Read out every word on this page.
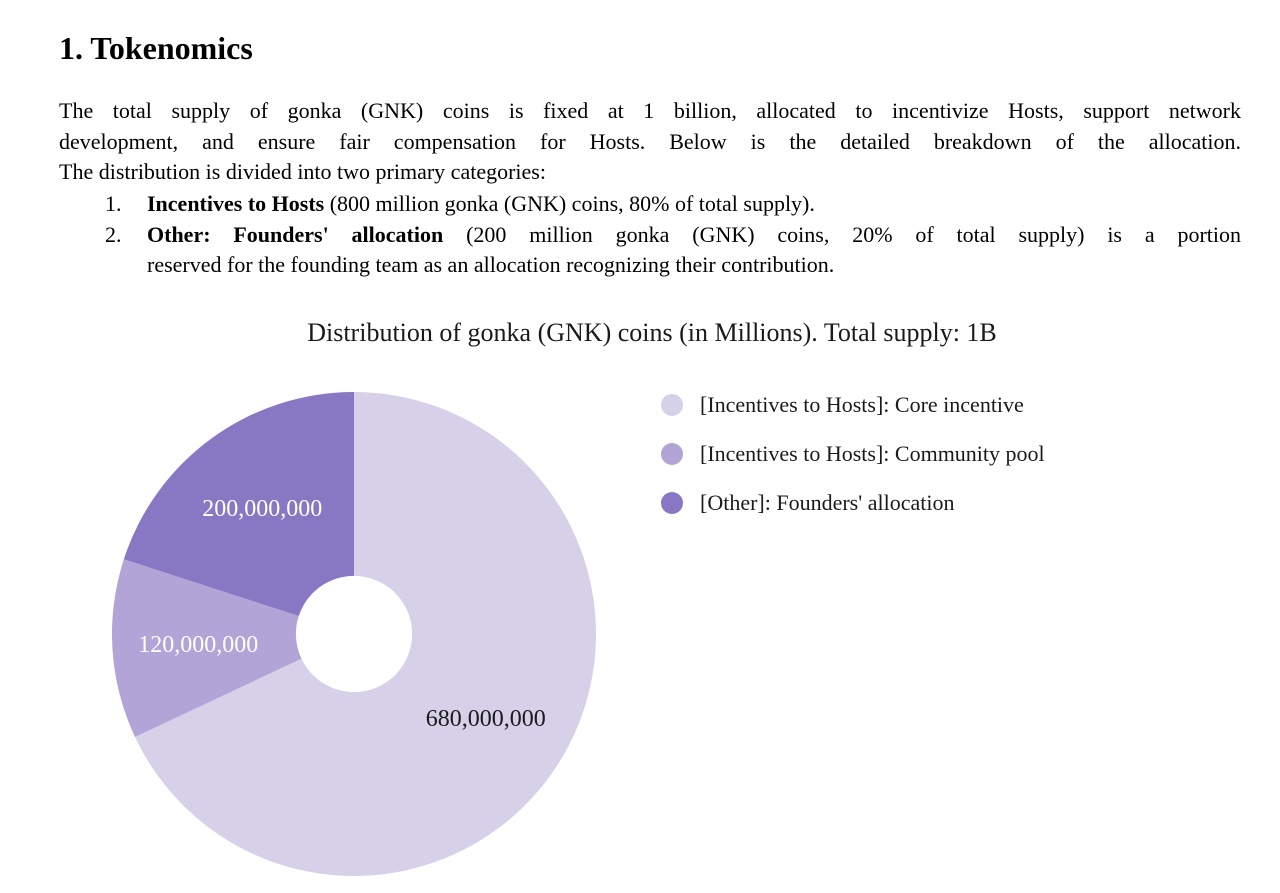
1. Tokenomics
The total supply of gonka (GNK) coins is fixed at 1 billion, allocated to incentivize Hosts, support network
development, and ensure fair compensation for Hosts. Below is the detailed breakdown of the allocation.
The distribution is divided into two primary categories:
1. Incentives to Hosts (800 million gonka (GNK) coins, 80% of total supply).
2. Other: Founders' allocation (200 million gonka (GNK) coins, 20% of total supply) is a portion
reserved for the founding team as an allocation recognizing their contribution.
Distribution of gonka (GNK) coins (in Millions). Total supply: 1B
680,000,000
120,000,000
200,000,000
[Incentives to Hosts]: Core incentive
[Incentives to Hosts]: Community pool
[Other]: Founders' allocation
